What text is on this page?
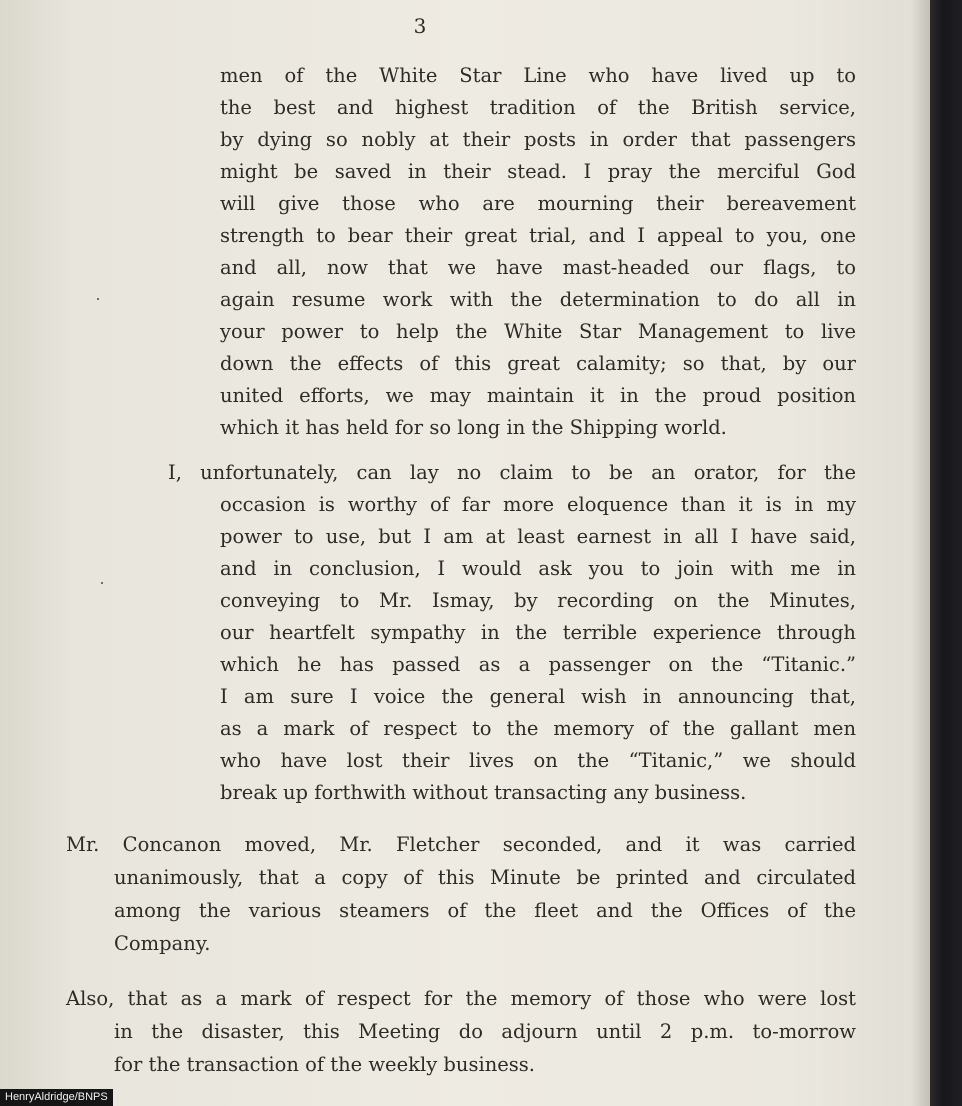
3

men of the White Star Line who have lived up to

the best and highest tradition of the British service,

by dying so nobly at their posts in order that passengers

might be saved in their stead. I pray the merciful God

will give those who are mourning their bereavement

strength to bear their great trial, and I appeal to you, one

and all, now that we have mast-headed our flags, to

again resume work with the determination to do all in

your power to help the White Star Management to live

down the effects of this great calamity; so that, by our

united efforts, we may maintain it in the proud position

which it has held for so long in the Shipping world.

I, unfortunately, can lay no claim to be an orator, for the

occasion is worthy of far more eloquence than it is in my

power to use, but I am at least earnest in all I have said,

and in conclusion, I would ask you to join with me in

conveying to Mr. Ismay, by recording on the Minutes,

our heartfelt sympathy in the terrible experience through

which he has passed as a passenger on the “Titanic.”

I am sure I voice the general wish in announcing that,

as a mark of respect to the memory of the gallant men

who have lost their lives on the “Titanic,” we should

break up forthwith without transacting any business.

Mr. Concanon moved, Mr. Fletcher seconded, and it was carried

unanimously, that a copy of this Minute be printed and circulated

among the various steamers of the fleet and the Offices of the

Company.

Also, that as a mark of respect for the memory of those who were lost

in the disaster, this Meeting do adjourn until 2 p.m. to-morrow

for the transaction of the weekly business.

HenryAldridge/BNPS
